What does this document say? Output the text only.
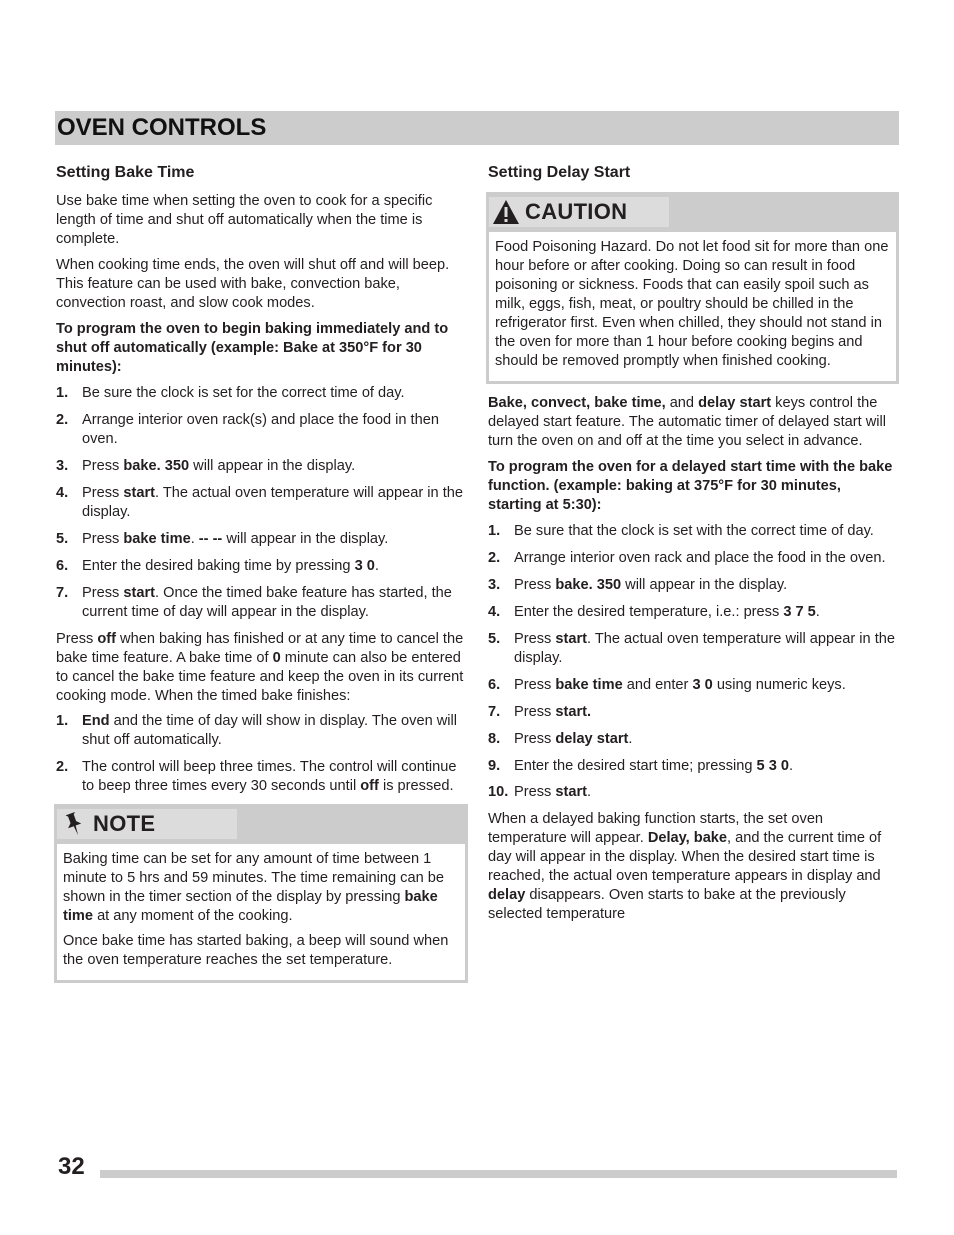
OVEN CONTROLS
Setting Bake Time

Use bake time when setting the oven to cook for a specific length of time and shut off automatically when the time is complete.

When cooking time ends, the oven will shut off and will beep. This feature can be used with bake, convection bake, convection roast, and slow cook modes.

To program the oven to begin baking immediately and to shut off automatically (example: Bake at 350°F for 30 minutes):

1. Be sure the clock is set for the correct time of day.
2. Arrange interior oven rack(s) and place the food in then oven.
3. Press bake. 350 will appear in the display.
4. Press start. The actual oven temperature will appear in the display.
5. Press bake time. -- -- will appear in the display.
6. Enter the desired baking time by pressing 3 0.
7. Press start. Once the timed bake feature has started, the current time of day will appear in the display.

Press off when baking has finished or at any time to cancel the bake time feature. A bake time of 0 minute can also be entered to cancel the bake time feature and keep the oven in its current cooking mode. When the timed bake finishes:

1. End and the time of day will show in display. The oven will shut off automatically.
2. The control will beep three times. The control will continue to beep three times every 30 seconds until off is pressed.
NOTE

Baking time can be set for any amount of time between 1 minute to 5 hrs and 59 minutes. The time remaining can be shown in the timer section of the display by pressing bake time at any moment of the cooking.

Once bake time has started baking, a beep will sound when the oven temperature reaches the set temperature.

Setting Delay Start
CAUTION

Food Poisoning Hazard. Do not let food sit for more than one hour before or after cooking. Doing so can result in food poisoning or sickness. Foods that can easily spoil such as milk, eggs, fish, meat, or poultry should be chilled in the refrigerator first. Even when chilled, they should not stand in the oven for more than 1 hour before cooking begins and should be removed promptly when finished cooking.

Bake, convect, bake time, and delay start keys control the delayed start feature. The automatic timer of delayed start will turn the oven on and off at the time you select in advance.

To program the oven for a delayed start time with the bake function. (example: baking at 375°F for 30 minutes, starting at 5:30):

1. Be sure that the clock is set with the correct time of day.
2. Arrange interior oven rack and place the food in the oven.
3. Press bake. 350 will appear in the display.
4. Enter the desired temperature, i.e.: press 3 7 5.
5. Press start. The actual oven temperature will appear in the display.
6. Press bake time and enter 3 0 using numeric keys.
7. Press start.
8. Press delay start.
9. Enter the desired start time; pressing 5 3 0.
10. Press start.

When a delayed baking function starts, the set oven temperature will appear. Delay, bake, and the current time of day will appear in the display. When the desired start time is reached, the actual oven temperature appears in display and delay disappears. Oven starts to bake at the previously selected temperature

32
